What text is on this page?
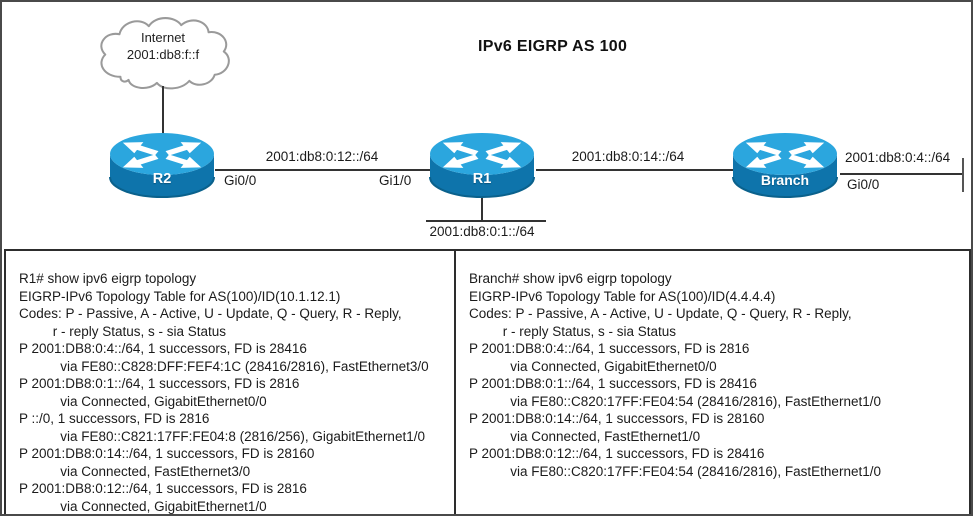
IPv6 EIGRP AS 100
Internet
2001:db8:f::f
2001:db8:0:12::/64
Gi0/0	Gi1/0
2001:db8:0:14::/64	2001:db8:0:4::/64
Gi0/0
2001:db8:0:1::/64
R2	R1	Branch
R1# show ipv6 eigrp topology
EIGRP-IPv6 Topology Table for AS(100)/ID(10.1.12.1)
Codes: P - Passive, A - Active, U - Update, Q - Query, R - Reply,
r - reply Status, s - sia Status
P 2001:DB8:0:4::/64, 1 successors, FD is 28416
via FE80::C828:DFF:FEF4:1C (28416/2816), FastEthernet3/0
P 2001:DB8:0:1::/64, 1 successors, FD is 2816
via Connected, GigabitEthernet0/0
P ::/0, 1 successors, FD is 2816
via FE80::C821:17FF:FE04:8 (2816/256), GigabitEthernet1/0
P 2001:DB8:0:14::/64, 1 successors, FD is 28160
via Connected, FastEthernet3/0
P 2001:DB8:0:12::/64, 1 successors, FD is 2816
via Connected, GigabitEthernet1/0
Branch# show ipv6 eigrp topology
EIGRP-IPv6 Topology Table for AS(100)/ID(4.4.4.4)
Codes: P - Passive, A - Active, U - Update, Q - Query, R - Reply,
r - reply Status, s - sia Status
P 2001:DB8:0:4::/64, 1 successors, FD is 2816
via Connected, GigabitEthernet0/0
P 2001:DB8:0:1::/64, 1 successors, FD is 28416
via FE80::C820:17FF:FE04:54 (28416/2816), FastEthernet1/0
P 2001:DB8:0:14::/64, 1 successors, FD is 28160
via Connected, FastEthernet1/0
P 2001:DB8:0:12::/64, 1 successors, FD is 28416
via FE80::C820:17FF:FE04:54 (28416/2816), FastEthernet1/0
